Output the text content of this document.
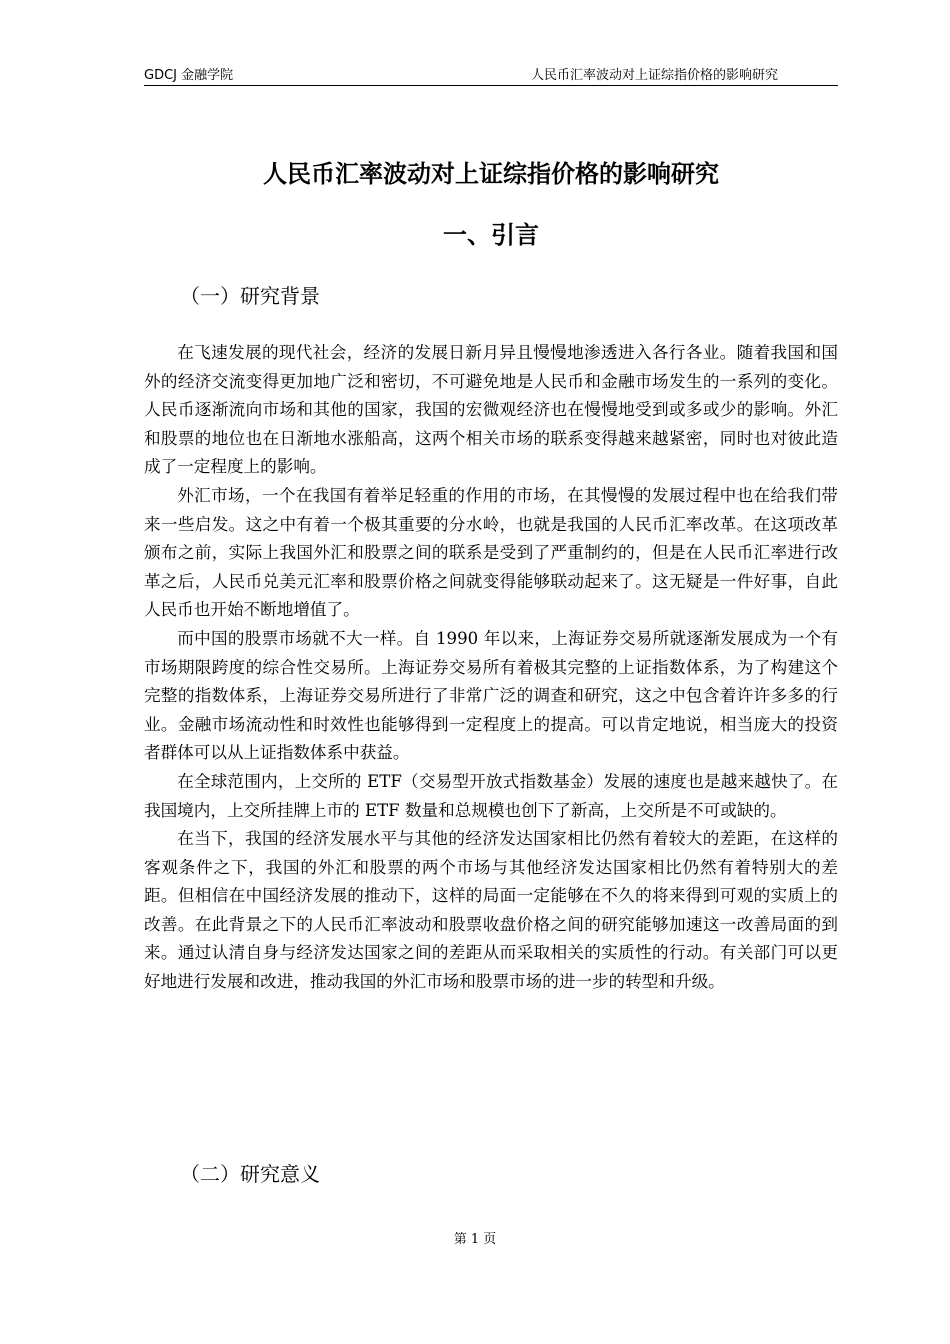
GDCJ 金融学院	人民币汇率波动对上证综指价格的影响研究
人民币汇率波动对上证综指价格的影响研究
一、引言
（一）研究背景

在飞速发展的现代社会，经济的发展日新月异且慢慢地渗透进入各行各业。随着我国和国外的经济交流变得更加地广泛和密切，不可避免地是人民币和金融市场发生的一系列的变化。人民币逐渐流向市场和其他的国家，我国的宏微观经济也在慢慢地受到或多或少的影响。外汇和股票的地位也在日渐地水涨船高，这两个相关市场的联系变得越来越紧密，同时也对彼此造成了一定程度上的影响。

外汇市场，一个在我国有着举足轻重的作用的市场，在其慢慢的发展过程中也在给我们带来一些启发。这之中有着一个极其重要的分水岭，也就是我国的人民币汇率改革。在这项改革颁布之前，实际上我国外汇和股票之间的联系是受到了严重制约的，但是在人民币汇率进行改革之后，人民币兑美元汇率和股票价格之间就变得能够联动起来了。这无疑是一件好事，自此人民币也开始不断地增值了。

而中国的股票市场就不大一样。自 1990 年以来，上海证券交易所就逐渐发展成为一个有市场期限跨度的综合性交易所。上海证券交易所有着极其完整的上证指数体系，为了构建这个完整的指数体系，上海证券交易所进行了非常广泛的调查和研究，这之中包含着许许多多的行业。金融市场流动性和时效性也能够得到一定程度上的提高。可以肯定地说，相当庞大的投资者群体可以从上证指数体系中获益。

在全球范围内，上交所的 ETF（交易型开放式指数基金）发展的速度也是越来越快了。在我国境内，上交所挂牌上市的 ETF 数量和总规模也创下了新高，上交所是不可或缺的。

在当下，我国的经济发展水平与其他的经济发达国家相比仍然有着较大的差距，在这样的客观条件之下，我国的外汇和股票的两个市场与其他经济发达国家相比仍然有着特别大的差距。但相信在中国经济发展的推动下，这样的局面一定能够在不久的将来得到可观的实质上的改善。在此背景之下的人民币汇率波动和股票收盘价格之间的研究能够加速这一改善局面的到来。通过认清自身与经济发达国家之间的差距从而采取相关的实质性的行动。有关部门可以更好地进行发展和改进，推动我国的外汇市场和股票市场的进一步的转型和升级。

（二）研究意义
第 1 页
